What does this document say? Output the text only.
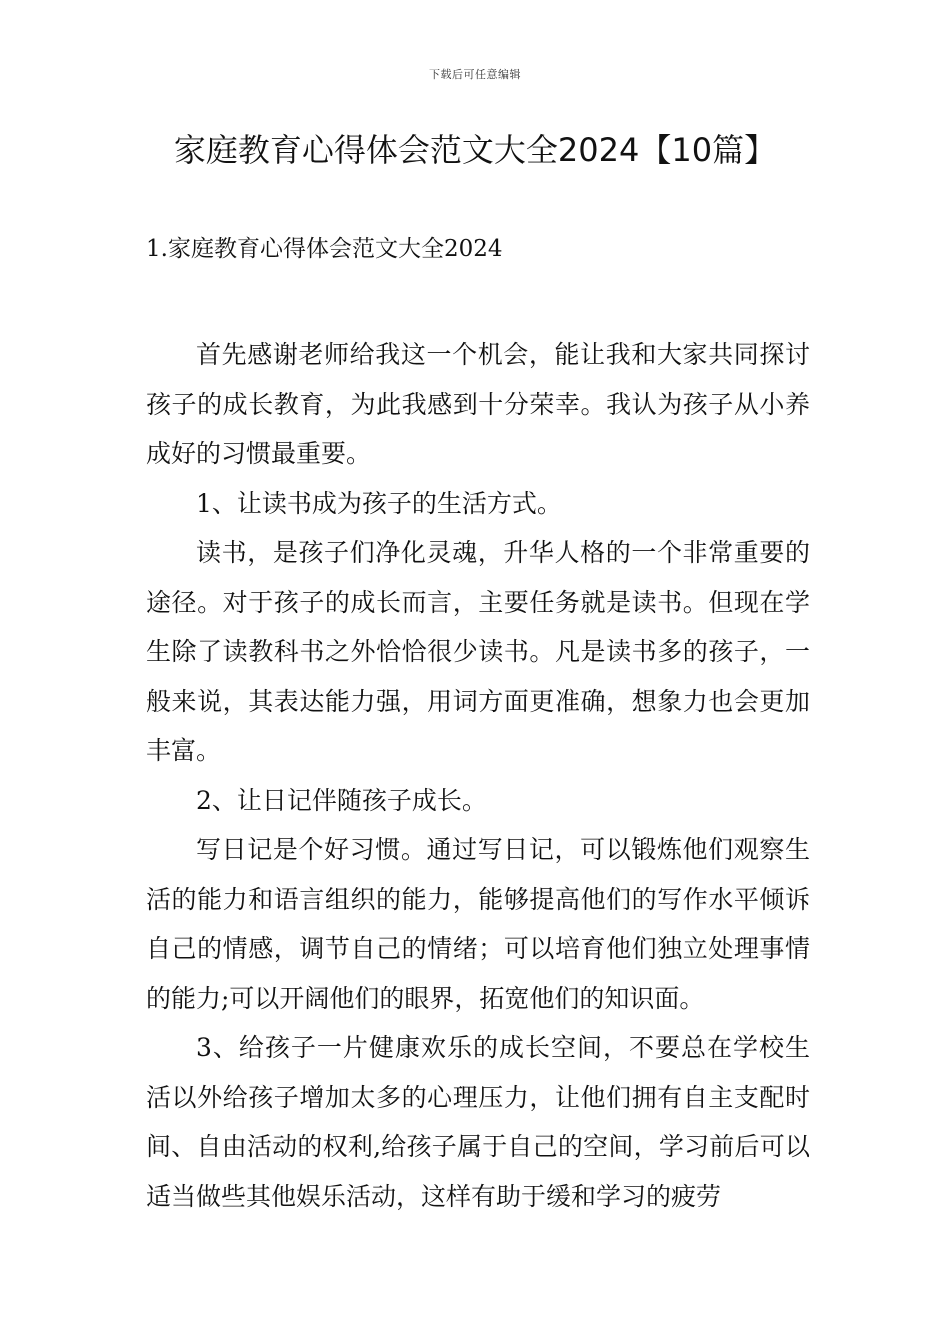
下载后可任意编辑
家庭教育心得体会范文大全2024【10篇】
1.家庭教育心得体会范文大全2024

首先感谢老师给我这一个机会，能让我和大家共同探讨孩子的成长教育，为此我感到十分荣幸。我认为孩子从小养成好的习惯最重要。

1、让读书成为孩子的生活方式。

读书，是孩子们净化灵魂，升华人格的一个非常重要的途径。对于孩子的成长而言，主要任务就是读书。但现在学生除了读教科书之外恰恰很少读书。凡是读书多的孩子，一般来说，其表达能力强，用词方面更准确，想象力也会更加丰富。

2、让日记伴随孩子成长。

写日记是个好习惯。通过写日记，可以锻炼他们观察生活的能力和语言组织的能力，能够提高他们的写作水平倾诉自己的情感，调节自己的情绪；可以培育他们独立处理事情的能力;可以开阔他们的眼界，拓宽他们的知识面。

3、给孩子一片健康欢乐的成长空间，不要总在学校生活以外给孩子增加太多的心理压力，让他们拥有自主支配时间、自由活动的权利,给孩子属于自己的空间，学习前后可以适当做些其他娱乐活动，这样有助于缓和学习的疲劳
